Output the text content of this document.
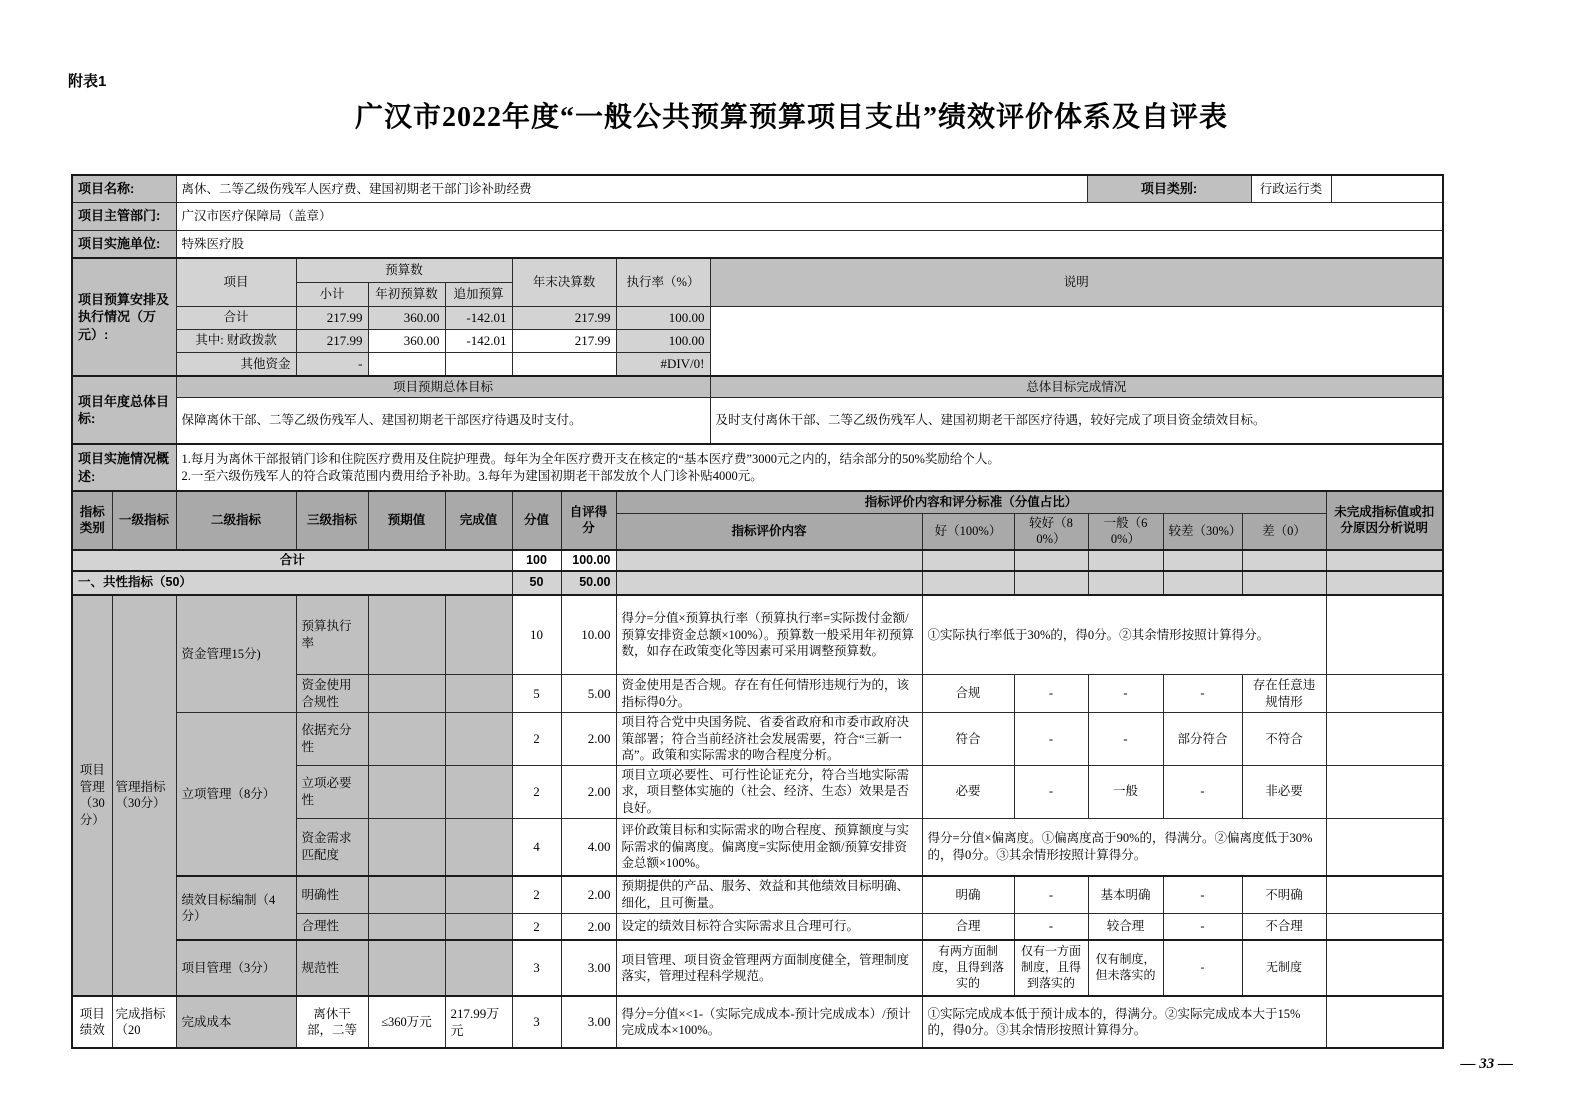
附表1
广汉市2022年度“一般公共预算预算项目支出”绩效评价体系及自评表
项目名称:	离休、二等乙级伤残军人医疗费、建国初期老干部门诊补助经费	项目类别:	行政运行类	
项目主管部门:	广汉市医疗保障局（盖章）			
项目实施单位:	特殊医疗股			
项目预算安排及执行情况（万元）:	项目	预算数			年末决算数	执行率（%）	说明
		小计	年初预算数	追加预算			
	合计	217.99	360.00	-142.01	217.99	100.00	
	其中: 财政拨款	217.99	360.00	-142.01	217.99	100.00	
	其他资金	-				#DIV/0!	
项目年度总体目标:	项目预期总体目标	总体目标完成情况
	保障离休干部、二等乙级伤残军人、建国初期老干部医疗待遇及时支付。	及时支付离休干部、二等乙级伤残军人、建国初期老干部医疗待遇，较好完成了项目资金绩效目标。
项目实施情况概述:	
1.每月为离休干部报销门诊和住院医疗费用及住院护理费。每年为全年医疗费开支在核定的“基本医疗费”3000元之内的，结余部分的50%奖励给个人。
2.一至六级伤残军人的符合政策范围内费用给予补助。3.每年为建国初期老干部发放个人门诊补贴4000元。
指标类别	一级指标	二级指标	三级指标	预期值	完成值	分值	自评得分	指标评价内容和评分标准（分值占比）						未完成指标值或扣分原因分析说明
								指标评价内容	好（100%）	较好（80%）	一般（60%）	较差（30%）	差（0）	
合计						100	100.00							
一、共性指标（50）						50	50.00							
项目管理（30分）	管理指标（30分）	资金管理15分)	预算执行率			10	10.00	得分=分值×预算执行率（预算执行率=实际拨付金额/预算安排资金总额×100%）。预算数一般采用年初预算数，如存在政策变化等因素可采用调整预算数。	①实际执行率低于30%的，得0分。②其余情形按照计算得分。					
			资金使用合规性			5	5.00	资金使用是否合规。存在有任何情形违规行为的，该指标得0分。	合规	-	-	-	存在任意违规情形	
		立项管理（8分）	依据充分性			2	2.00	项目符合党中央国务院、省委省政府和市委市政府决策部署；符合当前经济社会发展需要，符合“三新一高”。政策和实际需求的吻合程度分析。	符合	-	-	部分符合	不符合	
			立项必要性			2	2.00	项目立项必要性、可行性论证充分，符合当地实际需求，项目整体实施的（社会、经济、生态）效果是否良好。	必要	-	一般	-	非必要	
			资金需求匹配度			4	4.00	评价政策目标和实际需求的吻合程度、预算额度与实际需求的偏离度。偏离度=实际使用金额/预算安排资金总额×100%。	得分=分值×偏离度。①偏离度高于90%的，得满分。②偏离度低于30%的，得0分。③其余情形按照计算得分。					
		绩效目标编制（4分）	明确性			2	2.00	预期提供的产品、服务、效益和其他绩效目标明确、细化，且可衡量。	明确	-	基本明确	-	不明确	
			合理性			2	2.00	设定的绩效目标符合实际需求且合理可行。	合理	-	较合理	-	不合理	
		项目管理（3分）	规范性			3	3.00	项目管理、项目资金管理两方面制度健全，管理制度落实，管理过程科学规范。	有两方面制度，且得到落实的	仅有一方面制度，且得到落实的	仅有制度，但未落实的	-	无制度	
项目绩效	完成指标（20	完成成本	离休干部，二等	≤360万元	217.99万元	3	3.00	得分=分值×<1-（实际完成成本-预计完成成本）/预计完成成本×100%。	①实际完成成本低于预计成本的，得满分。②实际完成成本大于15%的，得0分。③其余情形按照计算得分。					
— 33 —
